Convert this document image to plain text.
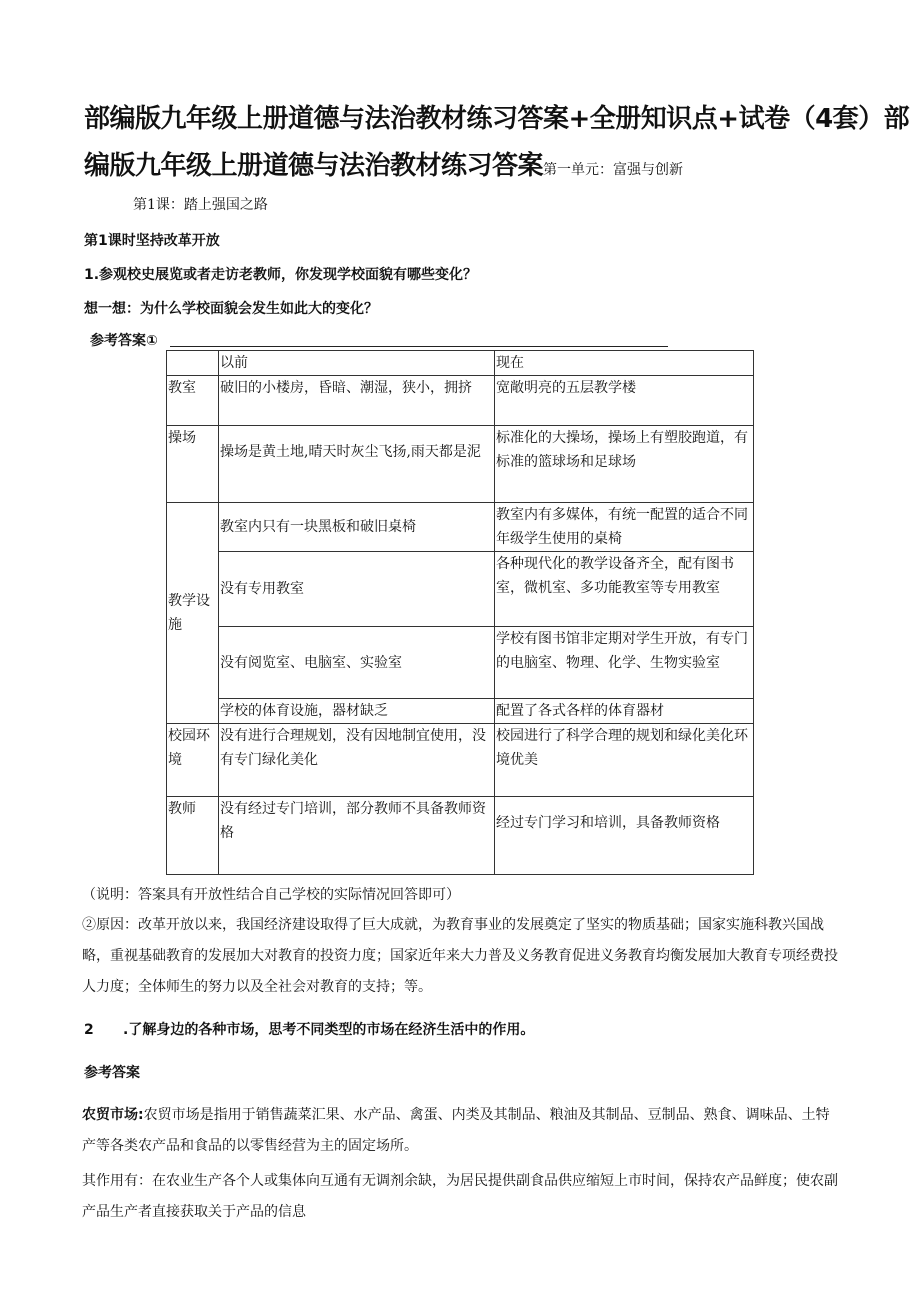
部编版九年级上册道德与法治教材练习答案+全册知识点+试卷（4套）部
编版九年级上册道德与法治教材练习答案第一单元：富强与创新
第1课：踏上强国之路
第1课时坚持改革开放
1.参观校史展览或者走访老教师，你发现学校面貌有哪些变化？
想一想：为什么学校面貌会发生如此大的变化？
参考答案①
	以前	现在
教室	破旧的小楼房，昏暗、潮湿，狭小，拥挤	宽敞明亮的五层教学楼
操场	操场是黄土地,晴天时灰尘飞扬,雨天都是泥	标准化的大操场，操场上有塑胶跑道，有标准的篮球场和足球场
教学设施	教室内只有一块黑板和破旧桌椅	教室内有多媒体，有统一配置的适合不同年级学生使用的桌椅
	没有专用教室	各种现代化的教学设备齐全，配有图书室，微机室、多功能教室等专用教室
	没有阅览室、电脑室、实验室	学校有图书馆非定期对学生开放，有专门的电脑室、物理、化学、生物实验室
	学校的体育设施，器材缺乏	配置了各式各样的体育器材
校园环境	没有进行合理规划，没有因地制宜使用，没有专门绿化美化	校园进行了科学合理的规划和绿化美化环境优美
教师	没有经过专门培训，部分教师不具备教师资格	经过专门学习和培训，具备教师资格
（说明：答案具有开放性结合自己学校的实际情况回答即可）
②原因：改革开放以来，我国经济建设取得了巨大成就，为教育事业的发展奠定了坚实的物质基础；国家实施科教兴国战略，重视基础教育的发展加大对教育的投资力度；国家近年来大力普及义务教育促进义务教育均衡发展加大教育专项经费投人力度；全体师生的努力以及全社会对教育的支持；等。
2	.了解身边的各种市场，思考不同类型的市场在经济生活中的作用。
参考答案
农贸市场:农贸市场是指用于销售蔬菜汇果、水产品、禽蛋、内类及其制品、粮油及其制品、豆制品、熟食、调味品、土特产等各类农产品和食品的以零售经营为主的固定场所。
其作用有：在农业生产各个人或集体向互通有无调剂余缺，为居民提供副食品供应缩短上市时间，保持农产品鲜度；使农副产品生产者直接获取关于产品的信息
